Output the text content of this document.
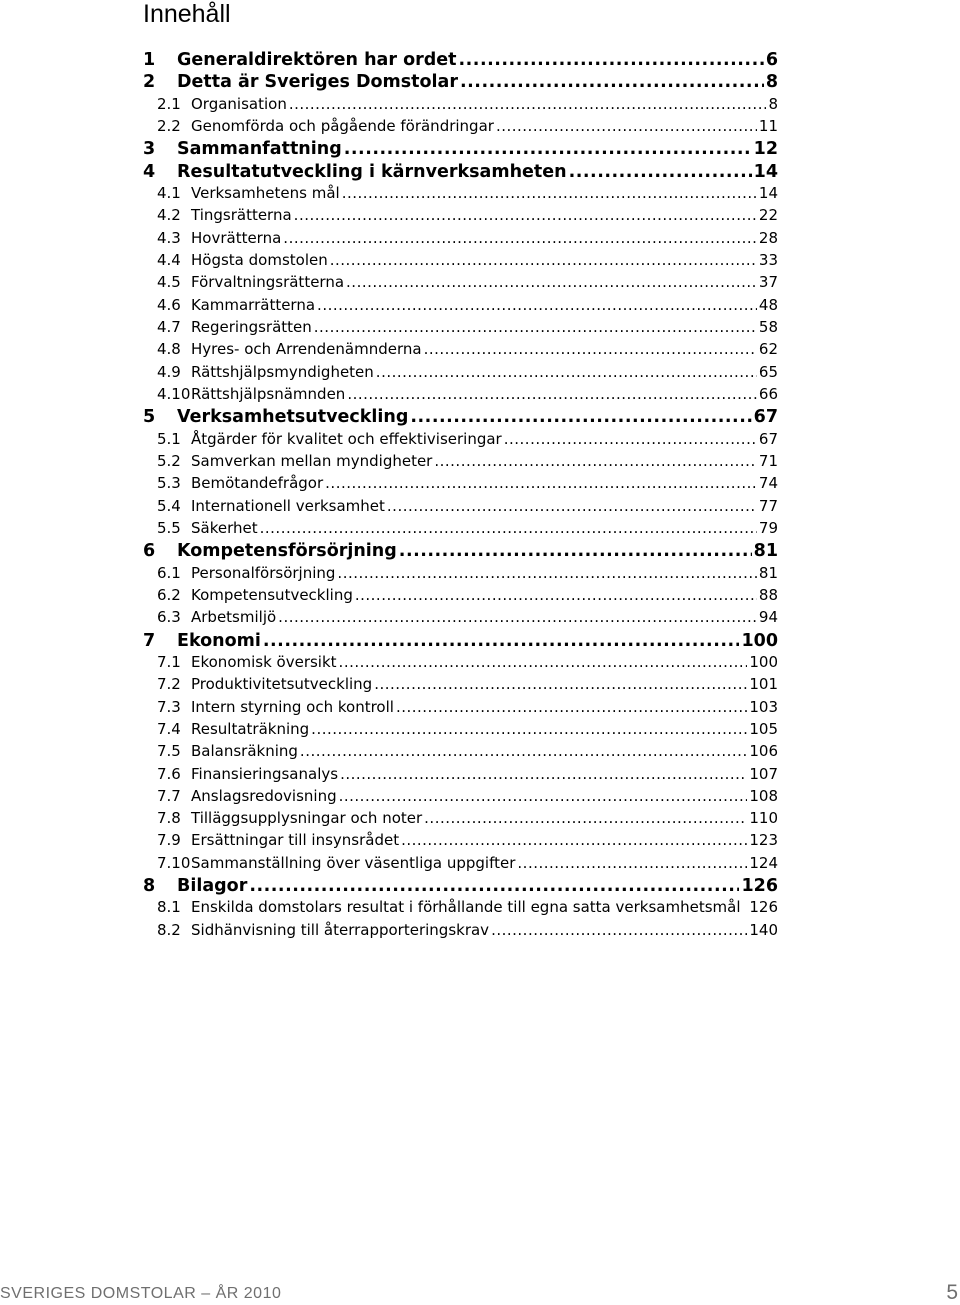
Innehåll
1	Generaldirektören har ordet .....	6
2	Detta är Sveriges Domstolar .....	8
2.1 Organisation .....	8
2.2 Genomförda och pågående förändringar .....	11
3	Sammanfattning .....	12
4	Resultatutveckling i kärnverksamheten .....	14
4.1 Verksamhetens mål .....	14
4.2 Tingsrätterna .....	22
4.3 Hovrätterna .....	28
4.4 Högsta domstolen .....	33
4.5 Förvaltningsrätterna .....	37
4.6 Kammarrätterna .....	48
4.7 Regeringsrätten .....	58
4.8 Hyres- och Arrendenämnderna .....	62
4.9 Rättshjälpsmyndigheten .....	65
4.10 Rättshjälpsnämnden .....	66
5	Verksamhetsutveckling .....	67
5.1 Åtgärder för kvalitet och effektiviseringar .....	67
5.2 Samverkan mellan myndigheter .....	71
5.3 Bemötandefrågor .....	74
5.4 Internationell verksamhet .....	77
5.5 Säkerhet .....	79
6	Kompetensförsörjning .....	81
6.1 Personalförsörjning .....	81
6.2 Kompetensutveckling .....	88
6.3 Arbetsmiljö .....	94
7	Ekonomi .....	100
7.1 Ekonomisk översikt .....	100
7.2 Produktivitetsutveckling .....	101
7.3 Intern styrning och kontroll .....	103
7.4 Resultaträkning .....	105
7.5 Balansräkning .....	106
7.6 Finansieringsanalys .....	107
7.7 Anslagsredovisning .....	108
7.8 Tilläggsupplysningar och noter .....	110
7.9 Ersättningar till insynsrådet .....	123
7.10 Sammanställning över väsentliga uppgifter .....	124
8	Bilagor .....	126
8.1 Enskilda domstolars resultat i förhållande till egna satta verksamhetsmål 126
8.2 Sidhänvisning till återrapporteringskrav .....	140
SVERIGES DOMSTOLAR – ÅR 2010	5
